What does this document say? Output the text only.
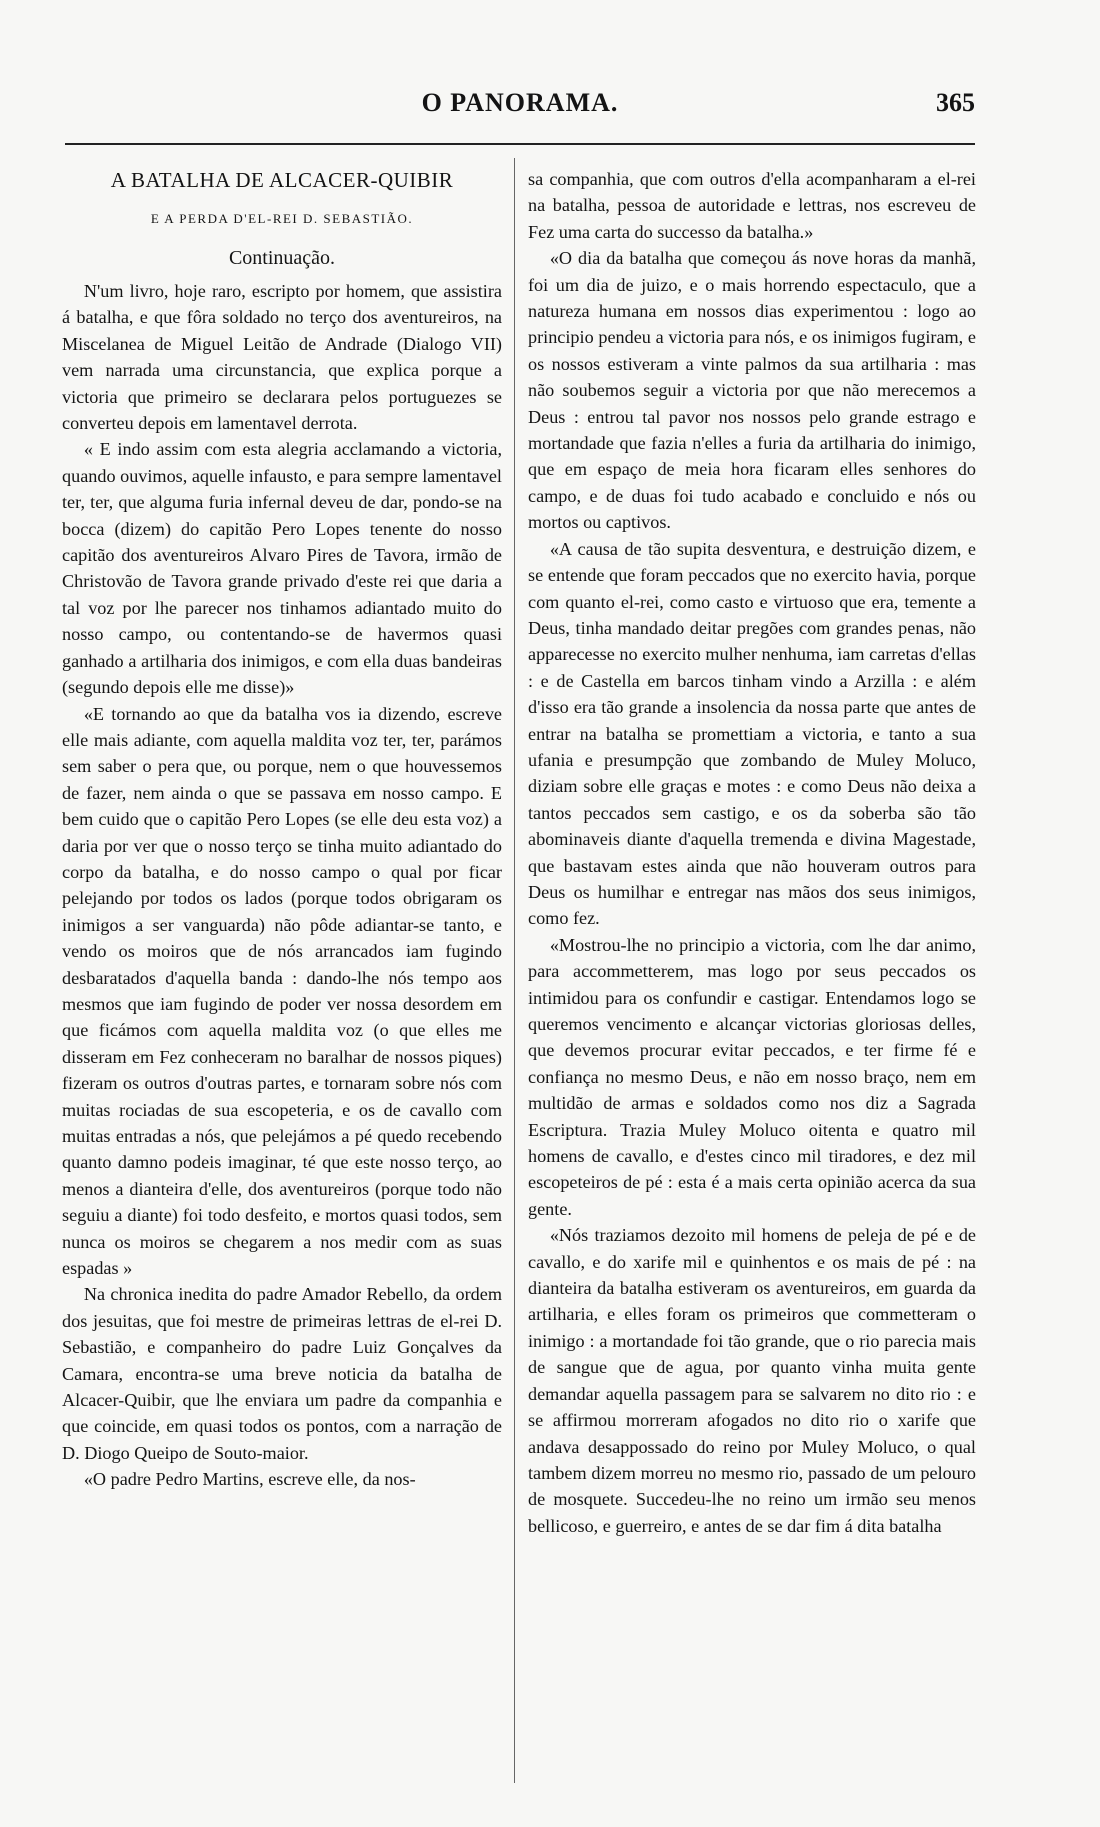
O PANORAMA.	365
A BATALHA DE ALCACER-QUIBIR
E A PERDA D'EL-REI D. SEBASTIÃO.
Continuação.

N'um livro, hoje raro, escripto por homem, que assistira á batalha, e que fôra soldado no terço dos aventureiros, na Miscelanea de Miguel Leitão de Andrade (Dialogo VII) vem narrada uma circunstancia, que explica porque a victoria que primeiro se declarara pelos portuguezes se converteu depois em lamentavel derrota.

« E indo assim com esta alegria acclamando a victoria, quando ouvimos, aquelle infausto, e para sempre lamentavel ter, ter, que alguma furia infernal deveu de dar, pondo-se na bocca (dizem) do capitão Pero Lopes tenente do nosso capitão dos aventureiros Alvaro Pires de Tavora, irmão de Christovão de Tavora grande privado d'este rei que daria a tal voz por lhe parecer nos tinhamos adiantado muito do nosso campo, ou contentando-se de havermos quasi ganhado a artilharia dos inimigos, e com ella duas bandeiras (segundo depois elle me disse)»

«E tornando ao que da batalha vos ia dizendo, escreve elle mais adiante, com aquella maldita voz ter, ter, parámos sem saber o pera que, ou porque, nem o que houvessemos de fazer, nem ainda o que se passava em nosso campo. E bem cuido que o capitão Pero Lopes (se elle deu esta voz) a daria por ver que o nosso terço se tinha muito adiantado do corpo da batalha, e do nosso campo o qual por ficar pelejando por todos os lados (porque todos obrigaram os inimigos a ser vanguarda) não pôde adiantar-se tanto, e vendo os moiros que de nós arrancados iam fugindo desbaratados d'aquella banda : dando-lhe nós tempo aos mesmos que iam fugindo de poder ver nossa desordem em que ficámos com aquella maldita voz (o que elles me disseram em Fez conheceram no baralhar de nossos piques) fizeram os outros d'outras partes, e tornaram sobre nós com muitas rociadas de sua escopeteria, e os de cavallo com muitas entradas a nós, que pelejámos a pé quedo recebendo quanto damno podeis imaginar, té que este nosso terço, ao menos a dianteira d'elle, dos aventureiros (porque todo não seguiu a diante) foi todo desfeito, e mortos quasi todos, sem nunca os moiros se chegarem a nos medir com as suas espadas »

Na chronica inedita do padre Amador Rebello, da ordem dos jesuitas, que foi mestre de primeiras lettras de el-rei D. Sebastião, e companheiro do padre Luiz Gonçalves da Camara, encontra-se uma breve noticia da batalha de Alcacer-Quibir, que lhe enviara um padre da companhia e que coincide, em quasi todos os pontos, com a narração de D. Diogo Queipo de Souto-maior.

«O padre Pedro Martins, escreve elle, da nos-

sa companhia, que com outros d'ella acompanharam a el-rei na batalha, pessoa de autoridade e lettras, nos escreveu de Fez uma carta do successo da batalha.»

«O dia da batalha que começou ás nove horas da manhã, foi um dia de juizo, e o mais horrendo espectaculo, que a natureza humana em nossos dias experimentou : logo ao principio pendeu a victoria para nós, e os inimigos fugiram, e os nossos estiveram a vinte palmos da sua artilharia : mas não soubemos seguir a victoria por que não merecemos a Deus : entrou tal pavor nos nossos pelo grande estrago e mortandade que fazia n'elles a furia da artilharia do inimigo, que em espaço de meia hora ficaram elles senhores do campo, e de duas foi tudo acabado e concluido e nós ou mortos ou captivos.

«A causa de tão supita desventura, e destruição dizem, e se entende que foram peccados que no exercito havia, porque com quanto el-rei, como casto e virtuoso que era, temente a Deus, tinha mandado deitar pregões com grandes penas, não apparecesse no exercito mulher nenhuma, iam carretas d'ellas : e de Castella em barcos tinham vindo a Arzilla : e além d'isso era tão grande a insolencia da nossa parte que antes de entrar na batalha se promettiam a victoria, e tanto a sua ufania e presumpção que zombando de Muley Moluco, diziam sobre elle graças e motes : e como Deus não deixa a tantos peccados sem castigo, e os da soberba são tão abominaveis diante d'aquella tremenda e divina Magestade, que bastavam estes ainda que não houveram outros para Deus os humilhar e entregar nas mãos dos seus inimigos, como fez.

«Mostrou-lhe no principio a victoria, com lhe dar animo, para accommetterem, mas logo por seus peccados os intimidou para os confundir e castigar. Entendamos logo se queremos vencimento e alcançar victorias gloriosas delles, que devemos procurar evitar peccados, e ter firme fé e confiança no mesmo Deus, e não em nosso braço, nem em multidão de armas e soldados como nos diz a Sagrada Escriptura. Trazia Muley Moluco oitenta e quatro mil homens de cavallo, e d'estes cinco mil tiradores, e dez mil escopeteiros de pé : esta é a mais certa opinião acerca da sua gente.

«Nós traziamos dezoito mil homens de peleja de pé e de cavallo, e do xarife mil e quinhentos e os mais de pé : na dianteira da batalha estiveram os aventureiros, em guarda da artilharia, e elles foram os primeiros que commetteram o inimigo : a mortandade foi tão grande, que o rio parecia mais de sangue que de agua, por quanto vinha muita gente demandar aquella passagem para se salvarem no dito rio : e se affirmou morreram afogados no dito rio o xarife que andava desappossado do reino por Muley Moluco, o qual tambem dizem morreu no mesmo rio, passado de um pelouro de mosquete. Succedeu-lhe no reino um irmão seu menos bellicoso, e guerreiro, e antes de se dar fim á dita batalha
